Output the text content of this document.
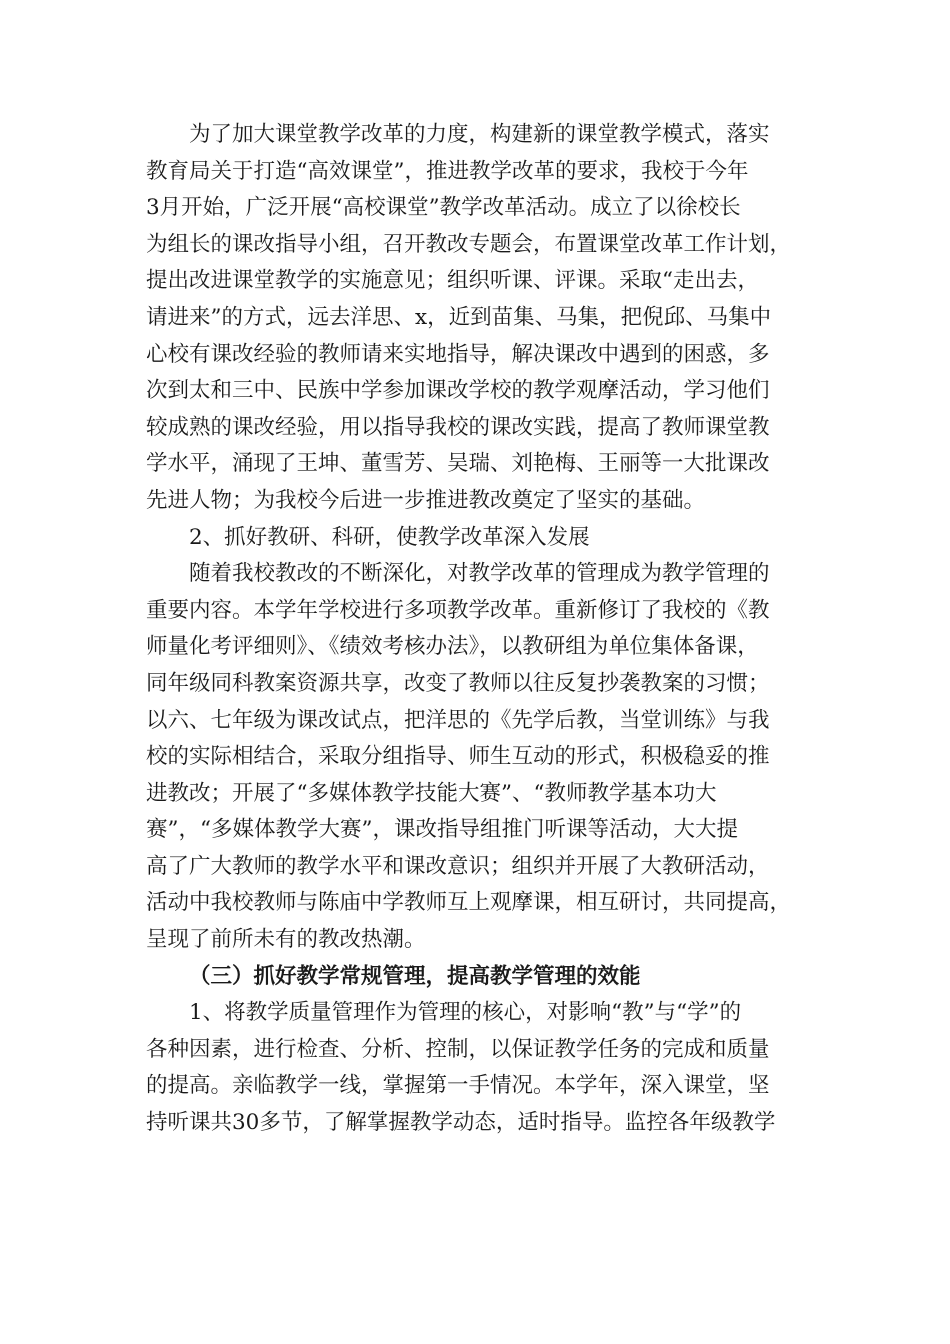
为了加大课堂教学改革的力度，构建新的课堂教学模式，落实
教育局关于打造“高效课堂”，推进教学改革的要求，我校于今年
3月开始，广泛开展“高校课堂”教学改革活动。成立了以徐校长
为组长的课改指导小组，召开教改专题会，布置课堂改革工作计划，
提出改进课堂教学的实施意见；组织听课、评课。采取“走出去，
请进来”的方式，远去洋思、x，近到苗集、马集，把倪邱、马集中
心校有课改经验的教师请来实地指导，解决课改中遇到的困惑，多
次到太和三中、民族中学参加课改学校的教学观摩活动，学习他们
较成熟的课改经验，用以指导我校的课改实践，提高了教师课堂教
学水平，涌现了王坤、董雪芳、吴瑞、刘艳梅、王丽等一大批课改
先进人物；为我校今后进一步推进教改奠定了坚实的基础。
2、抓好教研、科研，使教学改革深入发展
随着我校教改的不断深化，对教学改革的管理成为教学管理的
重要内容。本学年学校进行多项教学改革。重新修订了我校的《教
师量化考评细则》、《绩效考核办法》，以教研组为单位集体备课，
同年级同科教案资源共享，改变了教师以往反复抄袭教案的习惯；
以六、七年级为课改试点，把洋思的《先学后教，当堂训练》与我
校的实际相结合，采取分组指导、师生互动的形式，积极稳妥的推
进教改；开展了“多媒体教学技能大赛”、“教师教学基本功大
赛”，“多媒体教学大赛”，课改指导组推门听课等活动，大大提
高了广大教师的教学水平和课改意识；组织并开展了大教研活动，
活动中我校教师与陈庙中学教师互上观摩课，相互研讨，共同提高，
呈现了前所未有的教改热潮。
（三）抓好教学常规管理，提高教学管理的效能
1、将教学质量管理作为管理的核心，对影响“教”与“学”的
各种因素，进行检查、分析、控制，以保证教学任务的完成和质量
的提高。亲临教学一线，掌握第一手情况。本学年，深入课堂，坚
持听课共30多节，了解掌握教学动态，适时指导。监控各年级教学
